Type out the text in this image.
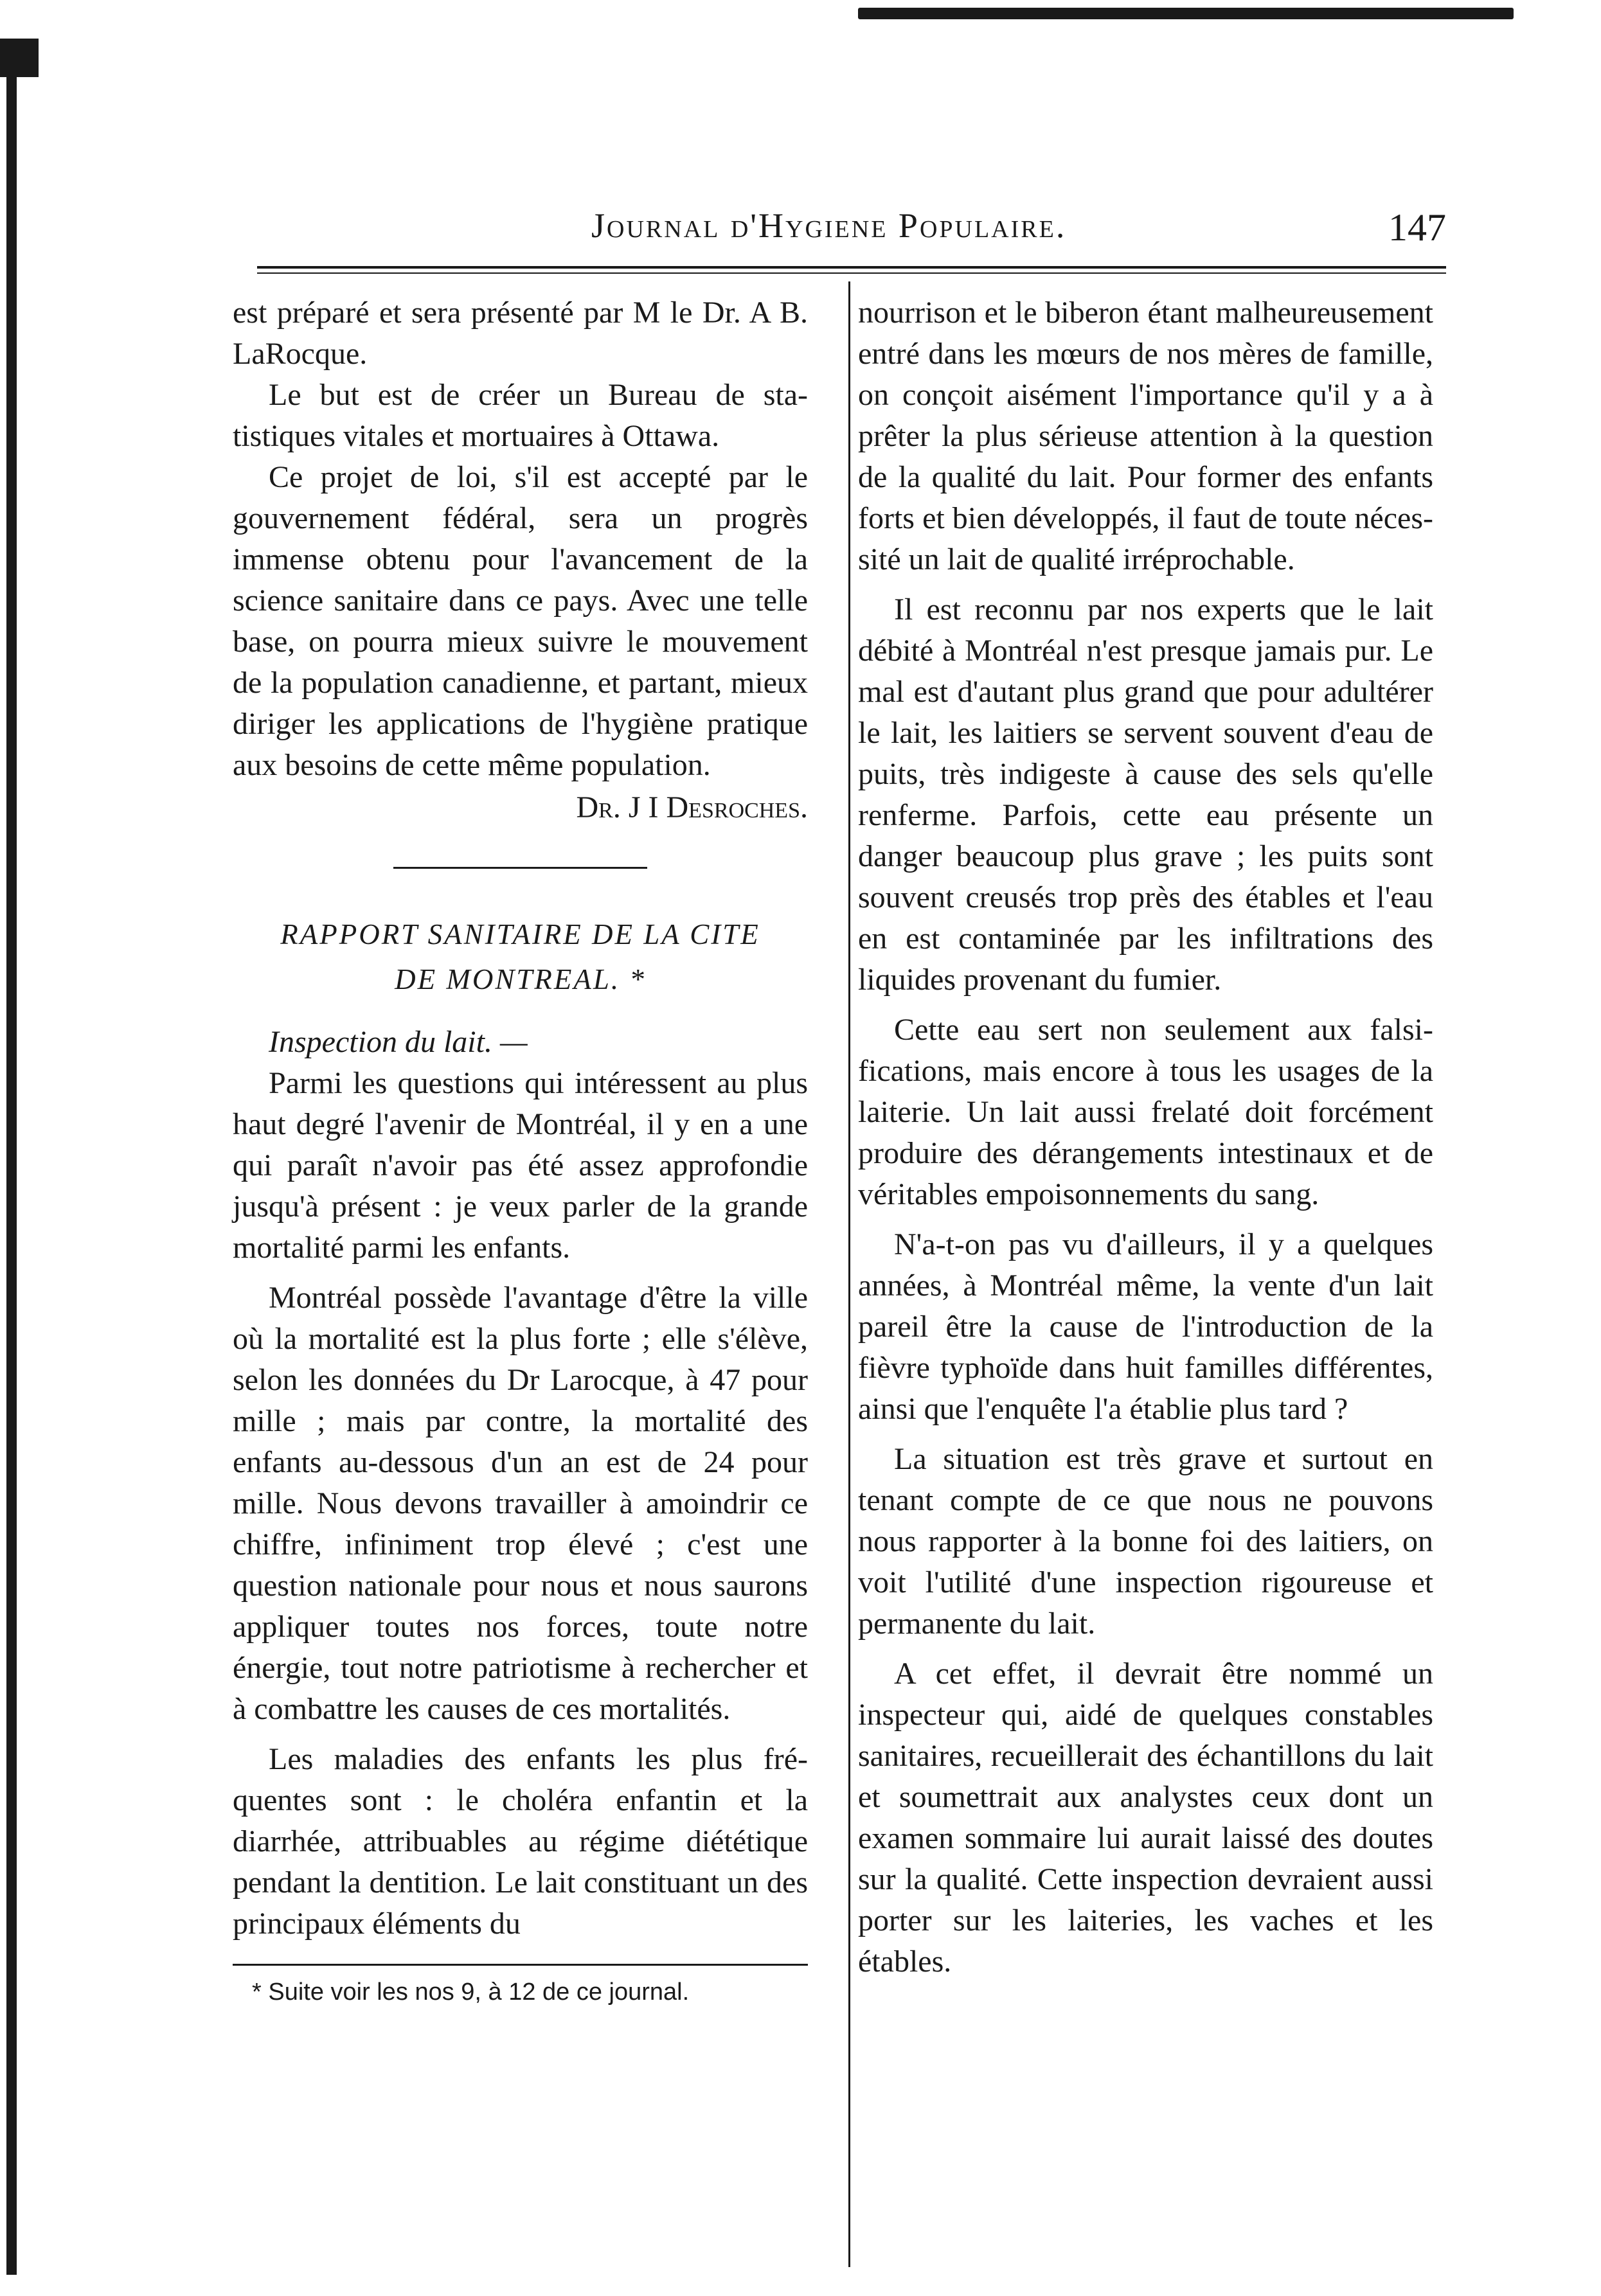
Journal d'Hygiene Populaire.	147

est préparé et sera présenté par M le Dr. A B. LaRocque.

Le but est de créer un Bureau de statistiques vitales et mortuaires à Ottawa.

Ce projet de loi, s'il est accepté par le gouvernement fédéral, sera un progrès immense obtenu pour l'avancement de la science sanitaire dans ce pays. Avec une telle base, on pourra mieux suivre le mouvement de la population canadienne, et partant, mieux diriger les applications de l'hygiène pratique aux besoins de cette même population.

Dr. J I Desroches.

RAPPORT SANITAIRE DE LA CITE

DE MONTREAL. *

Inspection du lait. —

Parmi les questions qui intéressent au plus haut degré l'avenir de Montréal, il y en a une qui paraît n'avoir pas été assez approfondie jusqu'à présent : je veux parler de la grande mortalité parmi les enfants.

Montréal possède l'avantage d'être la ville où la mortalité est la plus forte ; elle s'élève, selon les données du Dr Larocque, à 47 pour mille ; mais par contre, la mortalité des enfants au-dessous d'un an est de 24 pour mille. Nous devons travailler à amoindrir ce chiffre, infiniment trop élevé ; c'est une question nationale pour nous et nous saurons appliquer toutes nos forces, toute notre énergie, tout notre patriotisme à rechercher et à combattre les causes de ces mortalités.

Les maladies des enfants les plus fréquentes sont : le choléra enfantin et la diarrhée, attribuables au régime diététique pendant la dentition. Le lait constituant un des principaux éléments du

* Suite voir les nos 9, à 12 de ce journal.

nourrison et le biberon étant malheureusement entré dans les mœurs de nos mères de famille, on conçoit aisément l'importance qu'il y a à prêter la plus sérieuse attention à la question de la qualité du lait. Pour former des enfants forts et bien développés, il faut de toute nécessité un lait de qualité irréprochable.

Il est reconnu par nos experts que le lait débité à Montréal n'est presque jamais pur. Le mal est d'autant plus grand que pour adultérer le lait, les laitiers se servent souvent d'eau de puits, très indigeste à cause des sels qu'elle renferme. Parfois, cette eau présente un danger beaucoup plus grave ; les puits sont souvent creusés trop près des étables et l'eau en est contaminée par les infiltrations des liquides provenant du fumier.

Cette eau sert non seulement aux falsifications, mais encore à tous les usages de la laiterie. Un lait aussi frelaté doit forcément produire des dérangements intestinaux et de véritables empoisonnements du sang.

N'a-t-on pas vu d'ailleurs, il y a quelques années, à Montréal même, la vente d'un lait pareil être la cause de l'introduction de la fièvre typhoïde dans huit familles différentes, ainsi que l'enquête l'a établie plus tard ?

La situation est très grave et surtout en tenant compte de ce que nous ne pouvons nous rapporter à la bonne foi des laitiers, on voit l'utilité d'une inspection rigoureuse et permanente du lait.

A cet effet, il devrait être nommé un inspecteur qui, aidé de quelques constables sanitaires, recueillerait des échantillons du lait et soumettrait aux analystes ceux dont un examen sommaire lui aurait laissé des doutes sur la qualité. Cette inspection devraient aussi porter sur les laiteries, les vaches et les étables.
